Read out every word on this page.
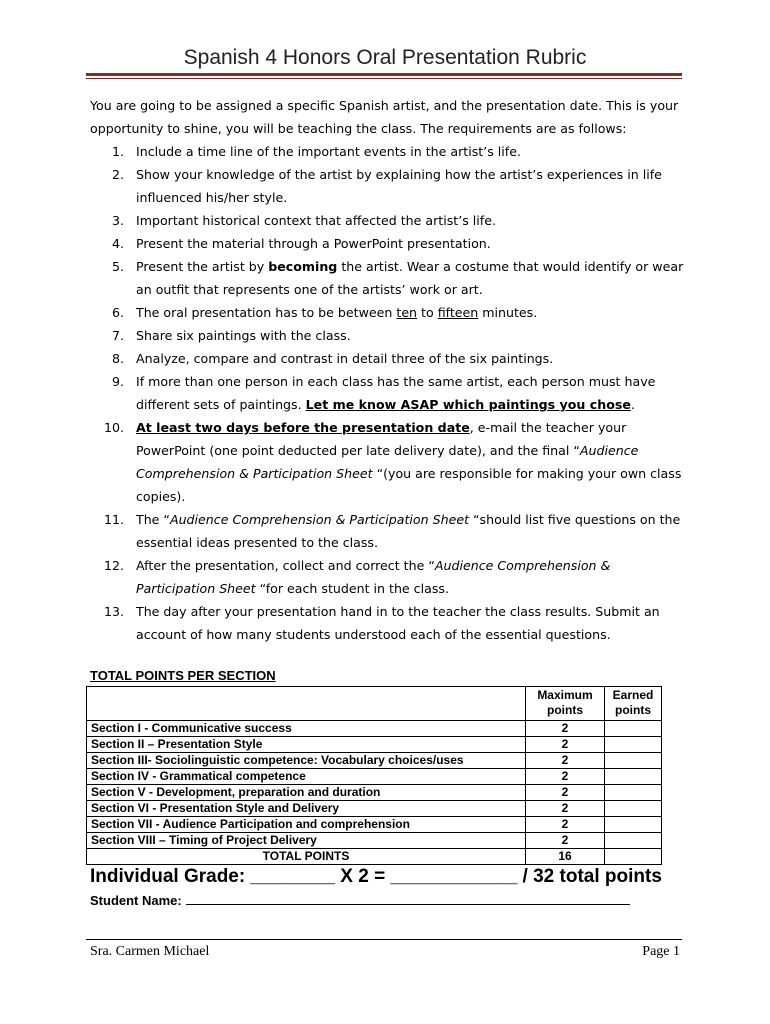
Spanish 4 Honors Oral Presentation Rubric
You are going to be assigned a specific Spanish artist, and the presentation date. This is your opportunity to shine, you will be teaching the class. The requirements are as follows:
1. Include a time line of the important events in the artist’s life.
2. Show your knowledge of the artist by explaining how the artist’s experiences in life influenced his/her style.
3. Important historical context that affected the artist’s life.
4. Present the material through a PowerPoint presentation.
5. Present the artist by becoming the artist. Wear a costume that would identify or wear an outfit that represents one of the artists’ work or art.
6. The oral presentation has to be between ten to fifteen minutes.
7. Share six paintings with the class.
8. Analyze, compare and contrast in detail three of the six paintings.
9. If more than one person in each class has the same artist, each person must have different sets of paintings. Let me know ASAP which paintings you chose.
10. At least two days before the presentation date, e-mail the teacher your PowerPoint (one point deducted per late delivery date), and the final “Audience Comprehension & Participation Sheet “(you are responsible for making your own class copies).
11. The “Audience Comprehension & Participation Sheet “should list five questions on the essential ideas presented to the class.
12. After the presentation, collect and correct the “Audience Comprehension & Participation Sheet “for each student in the class.
13. The day after your presentation hand in to the teacher the class results. Submit an account of how many students understood each of the essential questions.
TOTAL POINTS PER SECTION

	Maximum points	Earned points

Section I - Communicative success	2	
Section II – Presentation Style	2	
Section III- Sociolinguistic competence: Vocabulary choices/uses	2	
Section IV - Grammatical competence	2	
Section V - Development, preparation and duration	2	
Section VI - Presentation Style and Delivery	2	
Section VII - Audience Participation and comprehension	2	
Section VIII – Timing of Project Delivery	2	
TOTAL POINTS	16	
Individual Grade: ________ X 2 = ____________ / 32 total points
Student Name:
Sra. Carmen Michael	Page 1
